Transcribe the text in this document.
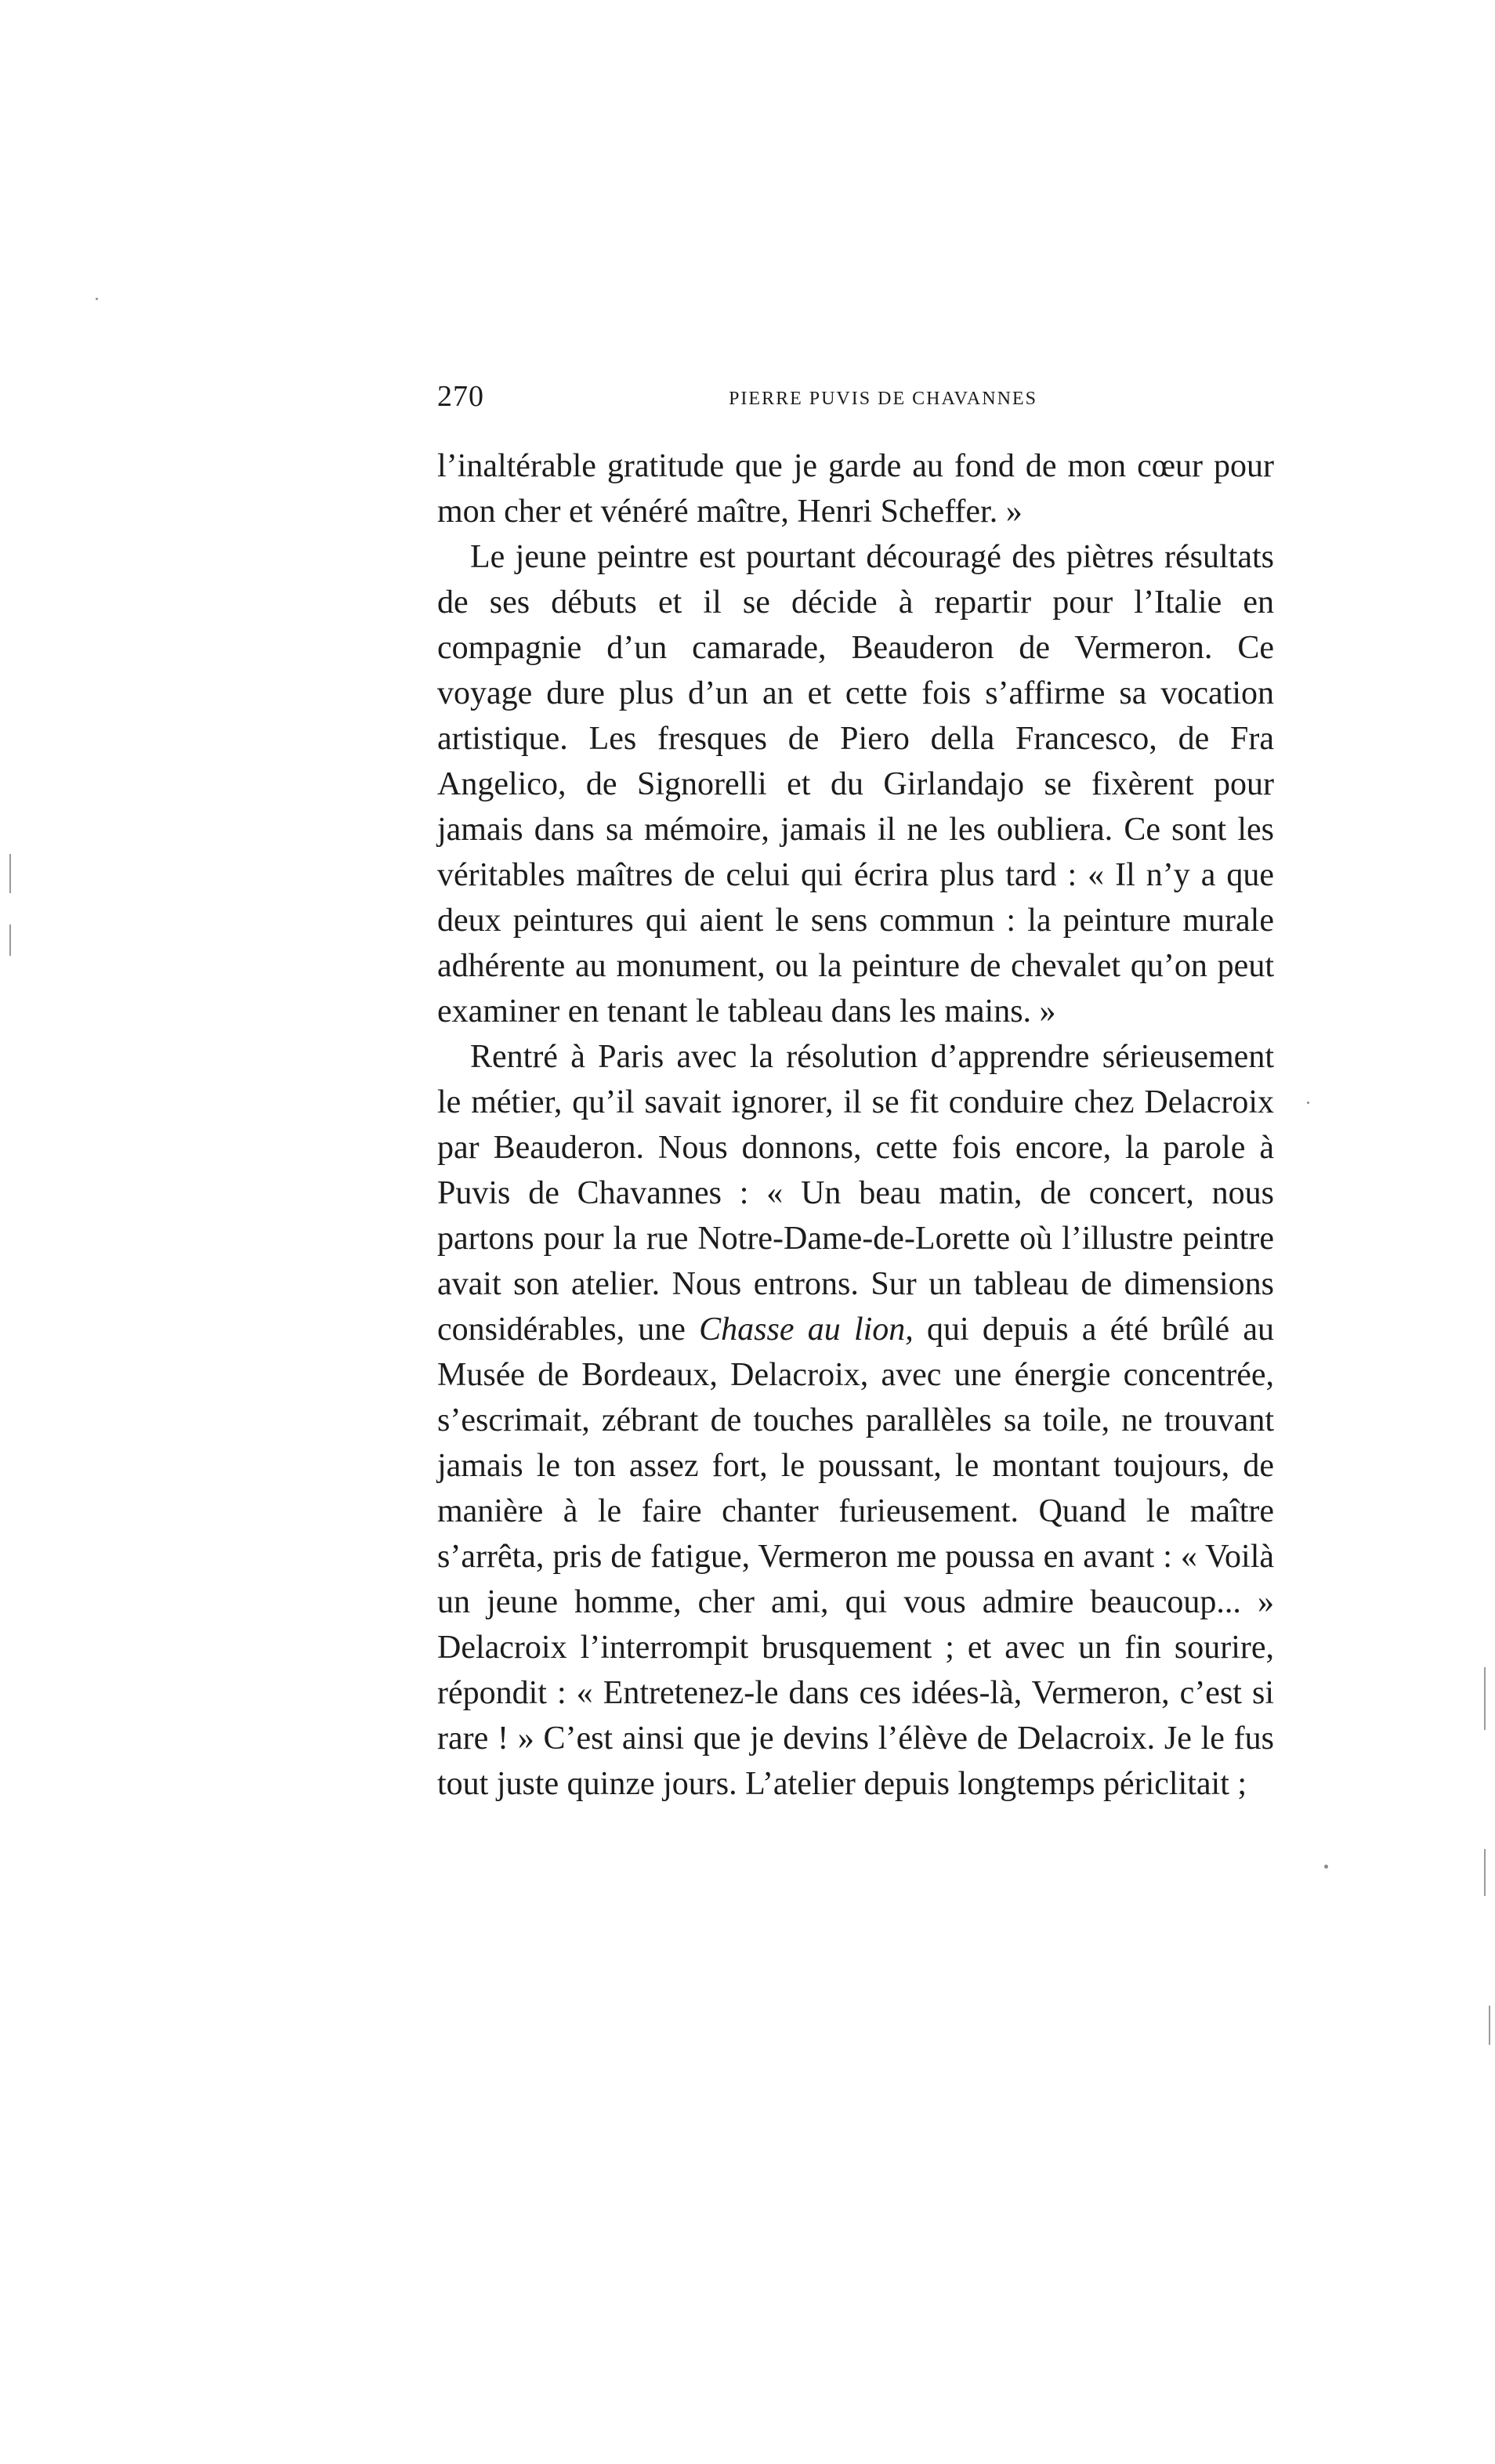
270	PIERRE PUVIS DE CHAVANNES

l’inaltérable gratitude que je garde au fond de mon cœur pour mon cher et vénéré maître, Henri Scheffer. »

Le jeune peintre est pourtant découragé des piètres résultats de ses débuts et il se décide à repartir pour l’Italie en compagnie d’un camarade, Beauderon de Vermeron. Ce voyage dure plus d’un an et cette fois s’affirme sa vocation artistique. Les fresques de Piero della Francesco, de Fra Angelico, de Signorelli et du Girlandajo se fixèrent pour jamais dans sa mémoire, jamais il ne les oubliera. Ce sont les véritables maîtres de celui qui écrira plus tard : « Il n’y a que deux peintures qui aient le sens commun : la peinture murale adhérente au monument, ou la peinture de chevalet qu’on peut examiner en tenant le tableau dans les mains. »

Rentré à Paris avec la résolution d’apprendre sérieusement le métier, qu’il savait ignorer, il se fit conduire chez Delacroix par Beauderon. Nous donnons, cette fois encore, la parole à Puvis de Chavannes : « Un beau matin, de concert, nous partons pour la rue Notre-Dame-de-Lorette où l’illustre peintre avait son atelier. Nous entrons. Sur un tableau de dimensions considérables, une Chasse au lion, qui depuis a été brûlé au Musée de Bordeaux, Delacroix, avec une énergie concentrée, s’escrimait, zébrant de touches parallèles sa toile, ne trouvant jamais le ton assez fort, le poussant, le montant toujours, de manière à le faire chanter furieusement. Quand le maître s’arrêta, pris de fatigue, Vermeron me poussa en avant : « Voilà un jeune homme, cher ami, qui vous admire beaucoup... » Delacroix l’interrompit brusquement ; et avec un fin sourire, répondit : « Entretenez-le dans ces idées-là, Vermeron, c’est si rare ! » C’est ainsi que je devins l’élève de Delacroix. Je le fus tout juste quinze jours. L’atelier depuis longtemps périclitait ;
